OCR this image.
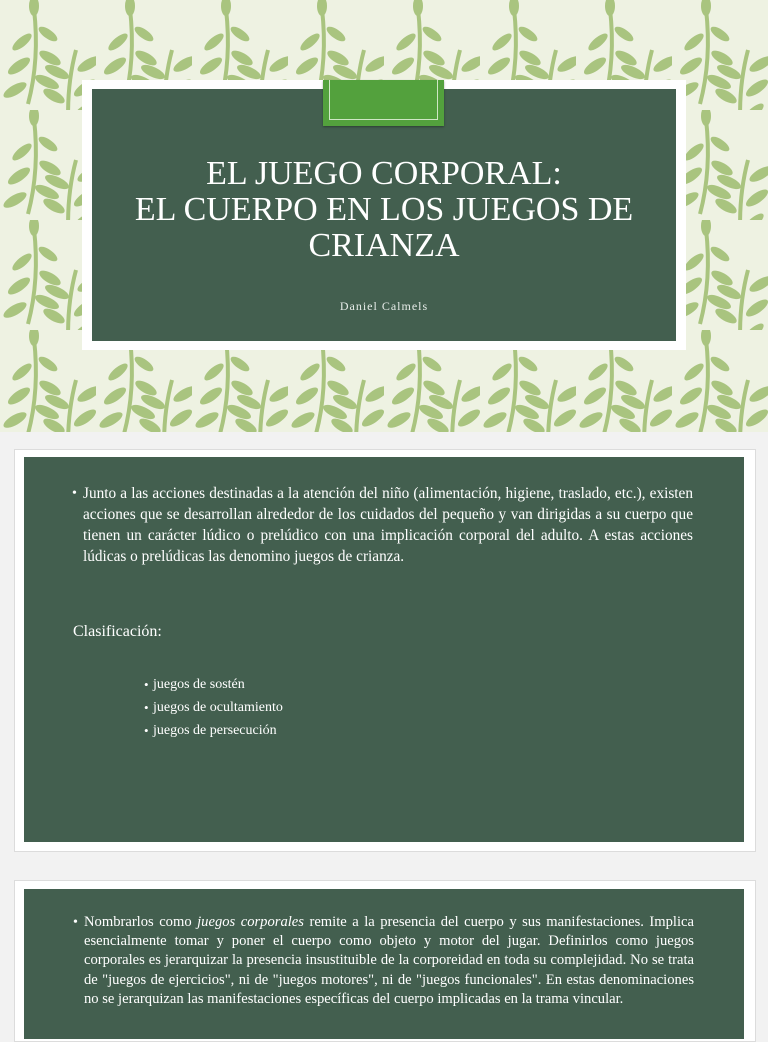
EL JUEGO CORPORAL:
EL CUERPO EN LOS JUEGOS DE
CRIANZA
Daniel Calmels

• Junto a las acciones destinadas a la atención del niño (alimentación, higiene, traslado, etc.), existen acciones que se desarrollan alrededor de los cuidados del pequeño y van dirigidas a su cuerpo que tienen un carácter lúdico o prelúdico con una implicación corporal del adulto. A estas acciones lúdicas o prelúdicas las denomino juegos de crianza.

Clasificación:
• juegos de sostén
• juegos de ocultamiento
• juegos de persecución

• Nombrarlos como juegos corporales remite a la presencia del cuerpo y sus manifestaciones. Implica esencialmente tomar y poner el cuerpo como objeto y motor del jugar. Definirlos como juegos corporales es jerarquizar la presencia insustituible de la corporeidad en toda su complejidad. No se trata de "juegos de ejercicios", ni de "juegos motores", ni de "juegos funcionales". En estas denominaciones no se jerarquizan las manifestaciones específicas del cuerpo implicadas en la trama vincular.
